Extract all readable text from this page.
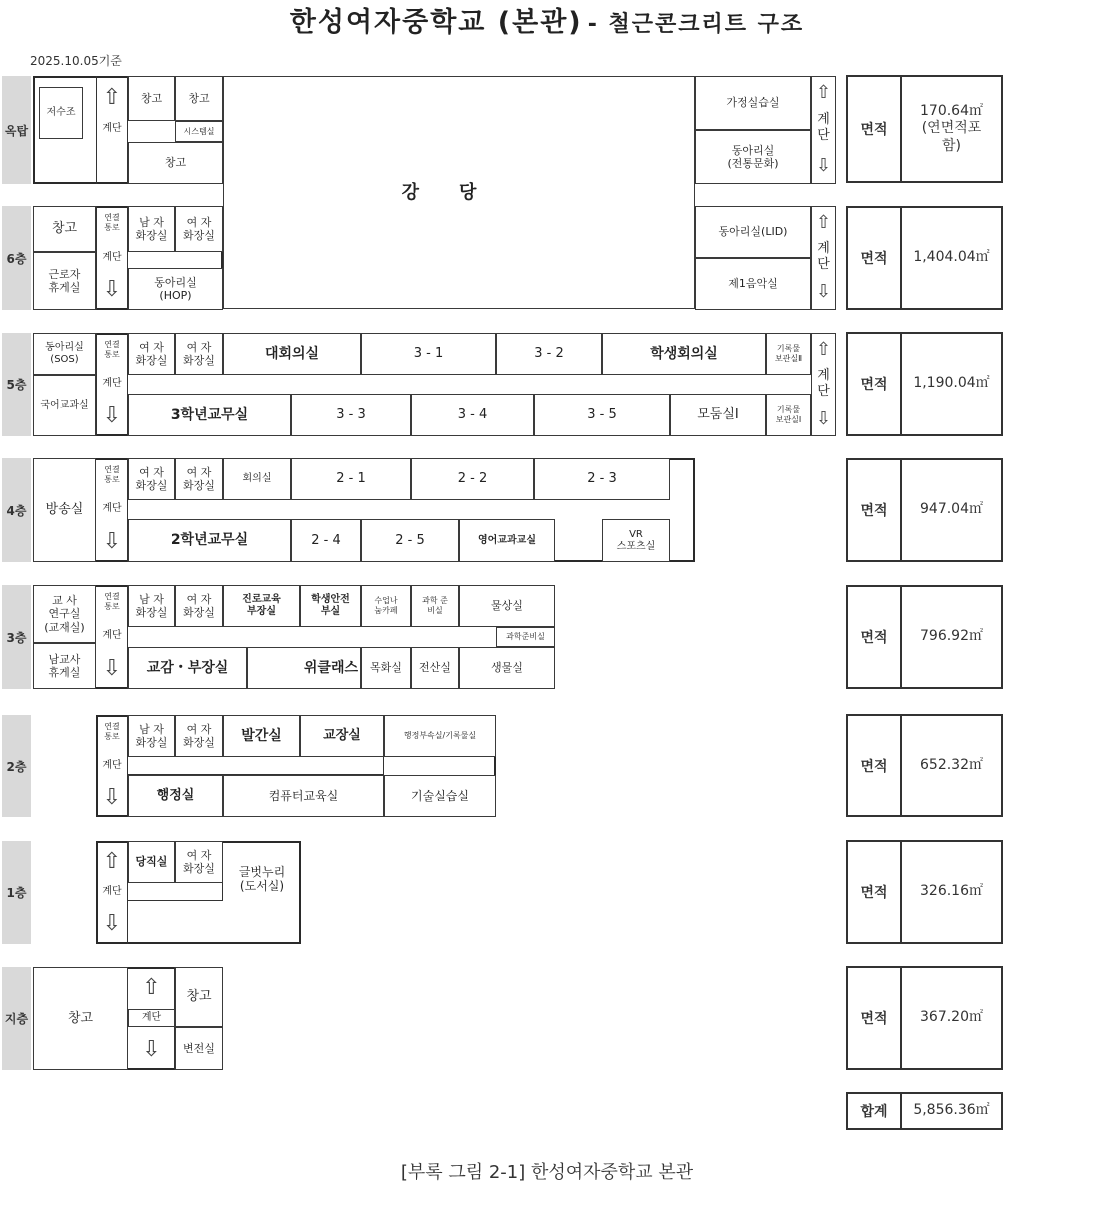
한성여자중학교 (본관) - 철근콘크리트 구조
2025.10.05기준
옥탑
6층
5층
4층
3층
2층
1층
지층
저수조
⇧
계단
창고	창고
시스템실
창고
강당
가정실습실
동아리실
(전통문화)
⇧
계
단
⇩
창고
근로자
휴게실
연결
통로
계단
⇩
남 자
화장실
여 자
화장실
동아리실
(HOP)
동아리실(LID)
제1음악실
⇧
계
단
⇩
동아리실
(SOS)
국어교과실
연결
통로
계단
⇩
여 자
화장실
여 자
화장실	대회의실	3 - 1	3 - 2	학생회의실	기록물
보관실Ⅱ
3학년교무실	3 - 3	3 - 4	3 - 5	모둠실Ⅰ	기록물
보관실Ⅰ
⇧
계
단
⇩
방송실
연결
통로
계단
⇩
여 자
화장실
여 자
화장실
회의실	2 - 1	2 - 2	2 - 3
2학년교무실	2 - 4	2 - 5	영어교과교실
VR
스포츠실
교 사
연구실
(교재실)
남교사
휴게실
연결
통로
계단
⇩
남 자
화장실
여 자
화장실
진로교육
부장실
학생안전
부실
수업나
눔카페
과학 준
비실	물상실
과학준비실
교감・부장실	위클래스	목화실	전산실	생물실
연결
통로
계단
⇩
남 자
화장실
여 자
화장실	발간실	교장실	행정부속실/기록물실
행정실	컴퓨터교육실	기술실습실
⇧
계단
⇩
당직실
여 자
화장실	글벗누리
(도서실)
창고
⇧
계단
⇩
창고
변전실
면적
170.64㎡
(연면적포
함)
면적	1,404.04㎡
면적	1,190.04㎡
면적	947.04㎡
면적	796.92㎡
면적	652.32㎡
면적	326.16㎡
면적	367.20㎡
합계	5,856.36㎡
[부록 그림 2-1] 한성여자중학교 본관
